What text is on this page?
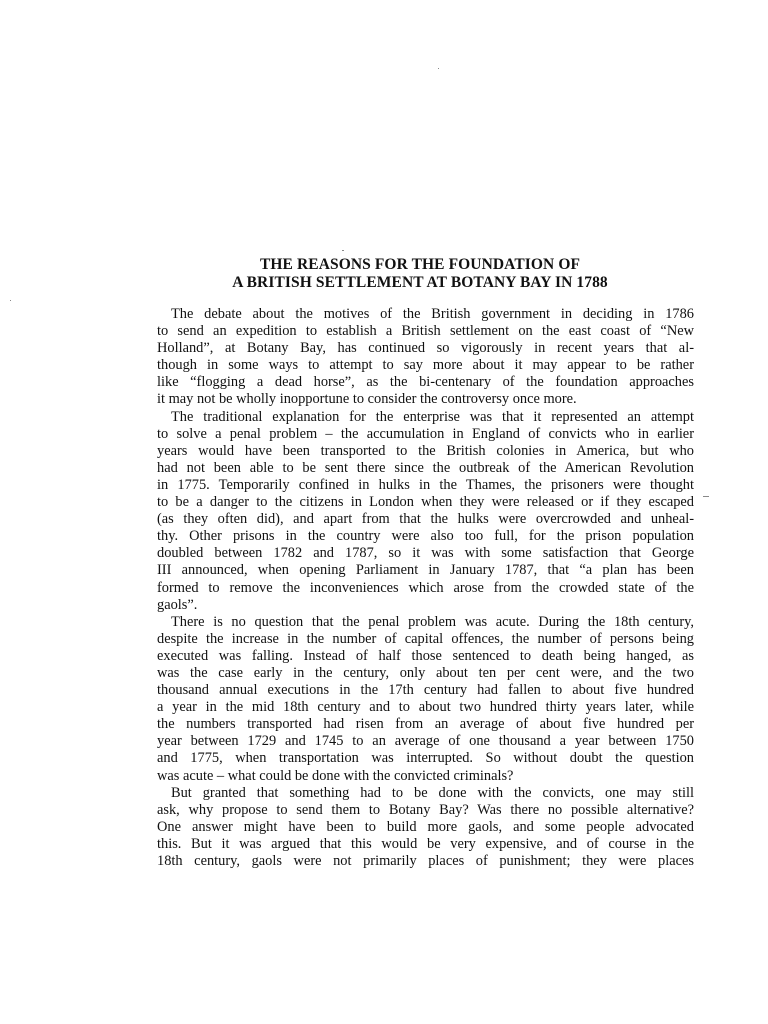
THE REASONS FOR THE FOUNDATION OF
A BRITISH SETTLEMENT AT BOTANY BAY IN 1788

The debate about the motives of the British government in deciding in 1786
to send an expedition to establish a British settlement on the east coast of “New
Holland”, at Botany Bay, has continued so vigorously in recent years that al-
though in some ways to attempt to say more about it may appear to be rather
like “flogging a dead horse”, as the bi-centenary of the foundation approaches
it may not be wholly inopportune to consider the controversy once more.

The traditional explanation for the enterprise was that it represented an attempt
to solve a penal problem – the accumulation in England of convicts who in earlier
years would have been transported to the British colonies in America, but who
had not been able to be sent there since the outbreak of the American Revolution
in 1775. Temporarily confined in hulks in the Thames, the prisoners were thought
to be a danger to the citizens in London when they were released or if they escaped
(as they often did), and apart from that the hulks were overcrowded and unheal-
thy. Other prisons in the country were also too full, for the prison population
doubled between 1782 and 1787, so it was with some satisfaction that George
III announced, when opening Parliament in January 1787, that “a plan has been
formed to remove the inconveniences which arose from the crowded state of the
gaols”.

There is no question that the penal problem was acute. During the 18th century,
despite the increase in the number of capital offences, the number of persons being
executed was falling. Instead of half those sentenced to death being hanged, as
was the case early in the century, only about ten per cent were, and the two
thousand annual executions in the 17th century had fallen to about five hundred
a year in the mid 18th century and to about two hundred thirty years later, while
the numbers transported had risen from an average of about five hundred per
year between 1729 and 1745 to an average of one thousand a year between 1750
and 1775, when transportation was interrupted. So without doubt the question
was acute – what could be done with the convicted criminals?

But granted that something had to be done with the convicts, one may still
ask, why propose to send them to Botany Bay? Was there no possible alternative?
One answer might have been to build more gaols, and some people advocated
this. But it was argued that this would be very expensive, and of course in the
18th century, gaols were not primarily places of punishment; they were places
